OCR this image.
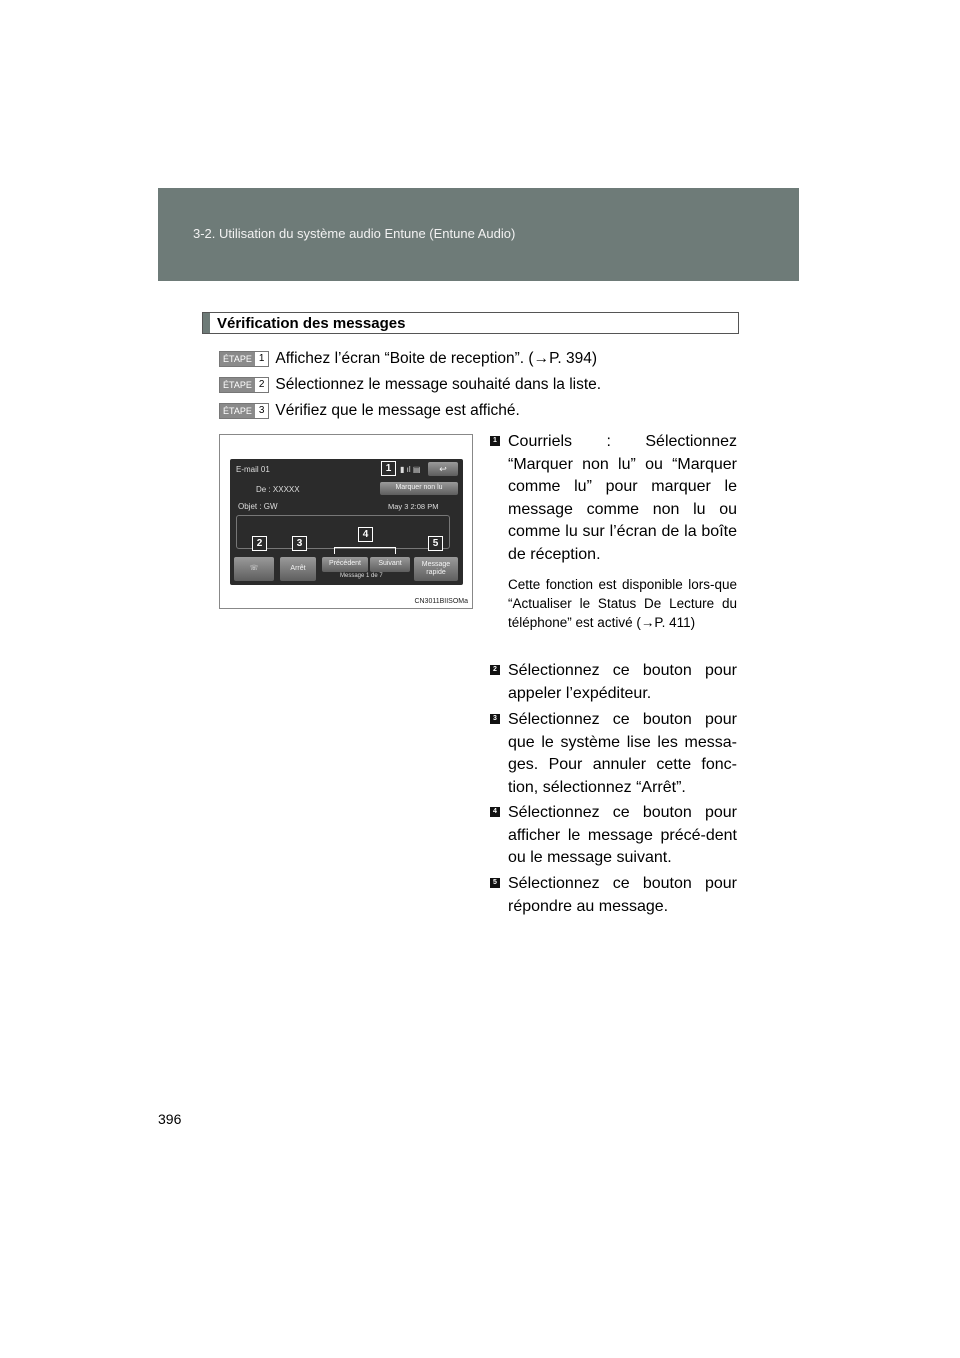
3-2. Utilisation du système audio Entune (Entune Audio)
Vérification des messages
ÉTAPE 1 Affichez l’écran “Boite de reception”. (→P. 394)
ÉTAPE 2 Sélectionnez le message souhaité dans la liste.
ÉTAPE 3 Vérifiez que le message est affiché.
E-mail 01	▮ ıl ▤	↩
De : XXXXX	Marquer non lu
Objet : GW	May 3 2:08 PM
☏	Arrêt
Précédent	Suivant
Message 1 de 7
Message rapide
1
2	3
4
5
CN3011BIISOMa
1 Courriels : Sélectionnez “Marquer non lu” ou “Marquer comme lu” pour marquer le message comme non lu ou comme lu sur l’écran de la boîte de réception.
Cette fonction est disponible lors-que “Actualiser le Status De Lecture du téléphone” est activé (→P. 411)
2 Sélectionnez ce bouton pour appeler l’expéditeur.
3 Sélectionnez ce bouton pour que le système lise les messa-ges. Pour annuler cette fonc-tion, sélectionnez “Arrêt”.
4 Sélectionnez ce bouton pour afficher le message précé-dent ou le message suivant.
5 Sélectionnez ce bouton pour répondre au message.
396
